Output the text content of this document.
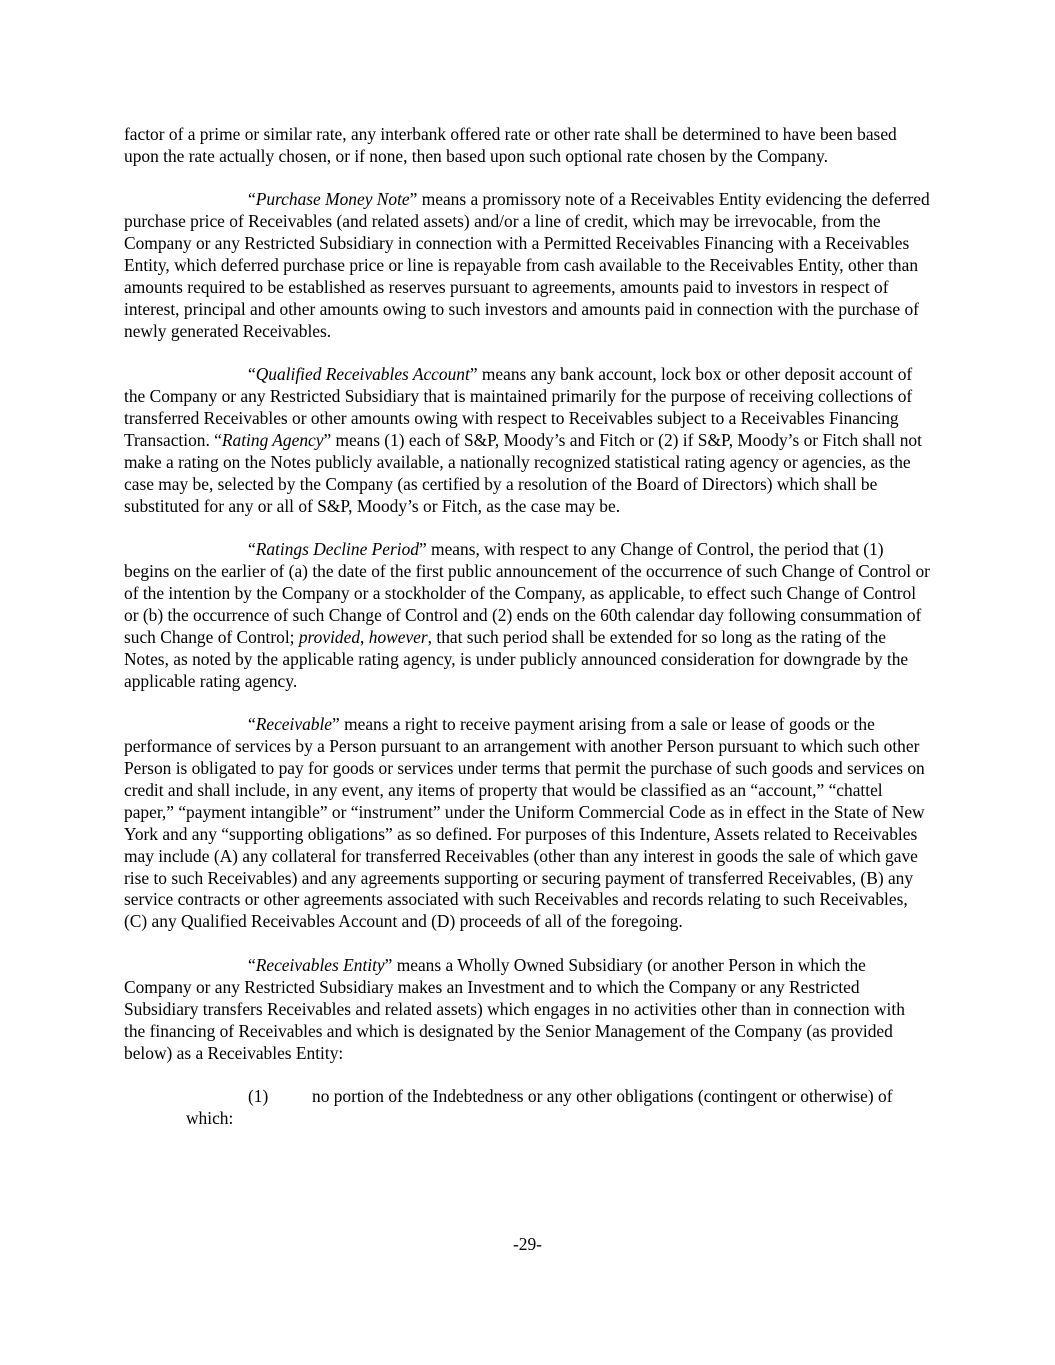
factor of a prime or similar rate, any interbank offered rate or other rate shall be determined to have been based upon the rate actually chosen, or if none, then based upon such optional rate chosen by the Company.

“Purchase Money Note” means a promissory note of a Receivables Entity evidencing the deferred purchase price of Receivables (and related assets) and/or a line of credit, which may be irrevocable, from the Company or any Restricted Subsidiary in connection with a Permitted Receivables Financing with a Receivables Entity, which deferred purchase price or line is repayable from cash available to the Receivables Entity, other than amounts required to be established as reserves pursuant to agreements, amounts paid to investors in respect of interest, principal and other amounts owing to such investors and amounts paid in connection with the purchase of newly generated Receivables.

“Qualified Receivables Account” means any bank account, lock box or other deposit account of the Company or any Restricted Subsidiary that is maintained primarily for the purpose of receiving collections of transferred Receivables or other amounts owing with respect to Receivables subject to a Receivables Financing Transaction. “Rating Agency” means (1) each of S&P, Moody’s and Fitch or (2) if S&P, Moody’s or Fitch shall not make a rating on the Notes publicly available, a nationally recognized statistical rating agency or agencies, as the case may be, selected by the Company (as certified by a resolution of the Board of Directors) which shall be substituted for any or all of S&P, Moody’s or Fitch, as the case may be.

“Ratings Decline Period” means, with respect to any Change of Control, the period that (1) begins on the earlier of (a) the date of the first public announcement of the occurrence of such Change of Control or of the intention by the Company or a stockholder of the Company, as applicable, to effect such Change of Control or (b) the occurrence of such Change of Control and (2) ends on the 60th calendar day following consummation of such Change of Control; provided, however, that such period shall be extended for so long as the rating of the Notes, as noted by the applicable rating agency, is under publicly announced consideration for downgrade by the applicable rating agency.

“Receivable” means a right to receive payment arising from a sale or lease of goods or the performance of services by a Person pursuant to an arrangement with another Person pursuant to which such other Person is obligated to pay for goods or services under terms that permit the purchase of such goods and services on credit and shall include, in any event, any items of property that would be classified as an “account,” “chattel paper,” “payment intangible” or “instrument” under the Uniform Commercial Code as in effect in the State of New York and any “supporting obligations” as so defined. For purposes of this Indenture, Assets related to Receivables may include (A) any collateral for transferred Receivables (other than any interest in goods the sale of which gave rise to such Receivables) and any agreements supporting or securing payment of transferred Receivables, (B) any service contracts or other agreements associated with such Receivables and records relating to such Receivables, (C) any Qualified Receivables Account and (D) proceeds of all of the foregoing.

“Receivables Entity” means a Wholly Owned Subsidiary (or another Person in which the Company or any Restricted Subsidiary makes an Investment and to which the Company or any Restricted Subsidiary transfers Receivables and related assets) which engages in no activities other than in connection with the financing of Receivables and which is designated by the Senior Management of the Company (as provided below) as a Receivables Entity:

(1)	no portion of the Indebtedness or any other obligations (contingent or otherwise) of which:

-29-
